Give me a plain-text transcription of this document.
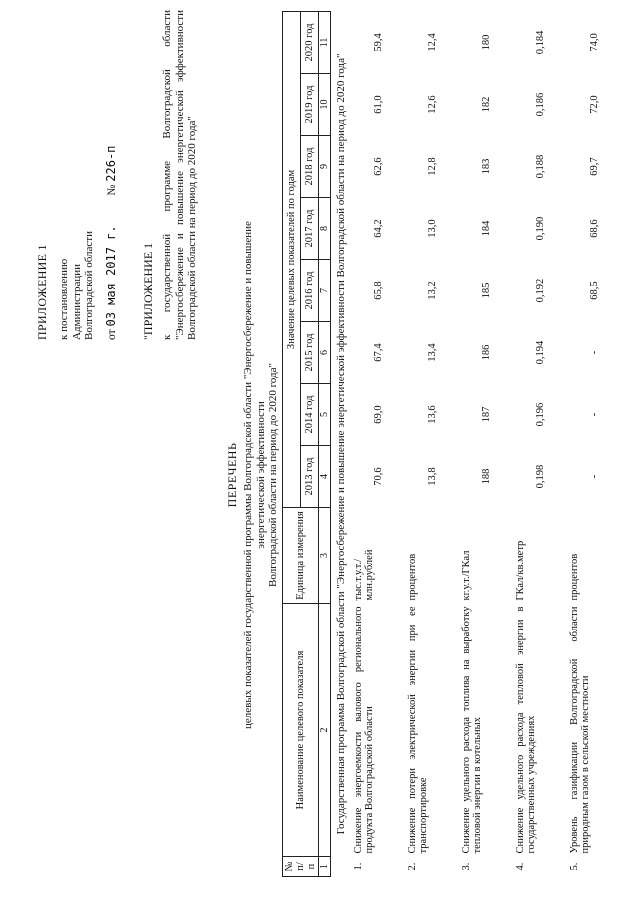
ПРИЛОЖЕНИЕ 1 к постановлению Администрации Волгоградской области от 03 мая 2017 г.  № 226-п
"ПРИЛОЖЕНИЕ 1 к государственной программе Волгоградской области "Энергосбережение и повышение энергетической эффективности Волгоградской области на период до 2020 года"
ПЕРЕЧЕНЬ целевых показателей государственной программы Волгоградской области "Энергосбережение и повышение энергетической эффективности Волгоградской области на период до 2020 года"
№ п/п	Наименование целевого показателя	Единица измерения	Значение целевых показателей по годам							
			2013 год	2014 год	2015 год	2016 год	2017 год	2018 год	2019 год	2020 год
1	2	3	4	5	6	7	8	9	10	11
Государственная программа Волгоградской области "Энергосбережение и повышение энергетической эффективности Волгоградской области на период до 2020 года"										
1.	Снижение энергоемкости валового регионального продукта Волгоградской области	тыс.т.у.т./ млн.рублей	70,6	69,0	67,4	65,8	64,2	62,6	61,0	59,4
2.	Снижение потери электрической энергии при ее транспортировке	процентов	13,8	13,6	13,4	13,2	13,0	12,8	12,6	12,4
3.	Снижение удельного расхода топлива на выработку тепловой энергии в котельных	кг.у.т./ГКал	188	187	186	185	184	183	182	180
4.	Снижение удельного расхода тепловой энергии в государственных учреждениях	ГКал/кв.метр	0,198	0,196	0,194	0,192	0,190	0,188	0,186	0,184
5.	Уровень газификации Волгоградской области природным газом в сельской местности	процентов	-	-	-	68,5	68,6	69,7	72,0	74,0
